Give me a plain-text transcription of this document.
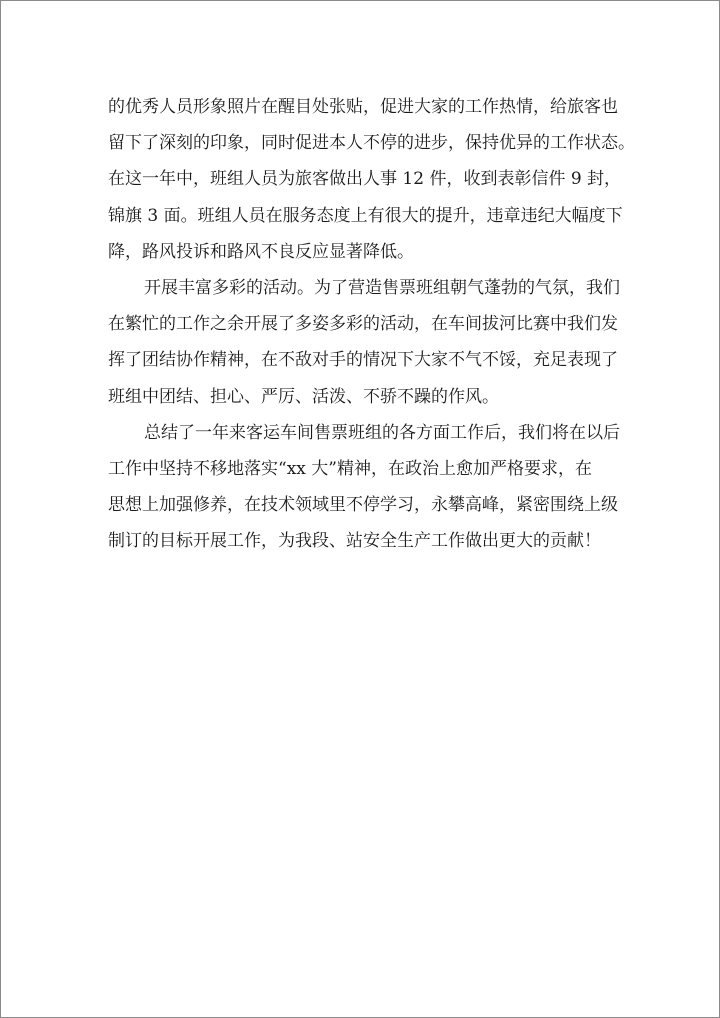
的优秀人员形象照片在醒目处张贴，促进大家的工作热情，给旅客也
留下了深刻的印象，同时促进本人不停的进步，保持优异的工作状态。
在这一年中，班组人员为旅客做出人事 12 件，收到表彰信件 9 封，
锦旗 3 面。班组人员在服务态度上有很大的提升，违章违纪大幅度下
降，路风投诉和路风不良反应显著降低。
开展丰富多彩的活动。为了营造售票班组朝气蓬勃的气氛，我们
在繁忙的工作之余开展了多姿多彩的活动，在车间拔河比赛中我们发
挥了团结协作精神，在不敌对手的情况下大家不气不馁，充足表现了
班组中团结、担心、严厉、活泼、不骄不躁的作风。
总结了一年来客运车间售票班组的各方面工作后，我们将在以后
工作中坚持不移地落实“xx 大”精神，在政治上愈加严格要求，在
思想上加强修养，在技术领域里不停学习，永攀高峰，紧密围绕上级
制订的目标开展工作，为我段、站安全生产工作做出更大的贡献！
